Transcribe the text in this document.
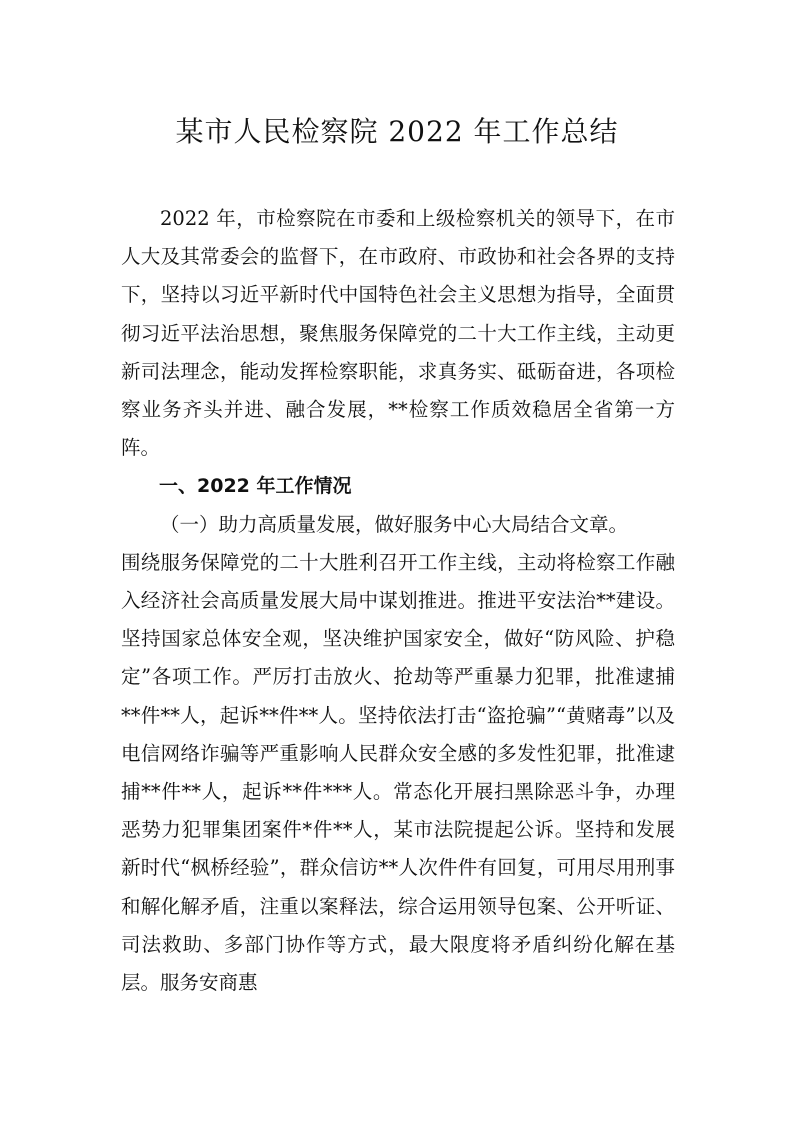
某市人民检察院 2022 年工作总结

2022 年，市检察院在市委和上级检察机关的领导下，在市人大及其常委会的监督下，在市政府、市政协和社会各界的支持下，坚持以习近平新时代中国特色社会主义思想为指导，全面贯彻习近平法治思想，聚焦服务保障党的二十大工作主线，主动更新司法理念，能动发挥检察职能，求真务实、砥砺奋进，各项检察业务齐头并进、融合发展，**检察工作质效稳居全省第一方阵。

一、2022 年工作情况

（一）助力高质量发展，做好服务中心大局结合文章。

围绕服务保障党的二十大胜利召开工作主线，主动将检察工作融入经济社会高质量发展大局中谋划推进。推进平安法治**建设。坚持国家总体安全观，坚决维护国家安全，做好“防风险、护稳定”各项工作。严厉打击放火、抢劫等严重暴力犯罪，批准逮捕**件**人，起诉**件**人。坚持依法打击“盗抢骗”“黄赌毒”以及电信网络诈骗等严重影响人民群众安全感的多发性犯罪，批准逮捕**件**人，起诉**件***人。常态化开展扫黑除恶斗争，办理恶势力犯罪集团案件*件**人，某市法院提起公诉。坚持和发展新时代“枫桥经验”，群众信访**人次件件有回复，可用尽用刑事和解化解矛盾，注重以案释法，综合运用领导包案、公开听证、司法救助、多部门协作等方式，最大限度将矛盾纠纷化解在基层。服务安商惠
